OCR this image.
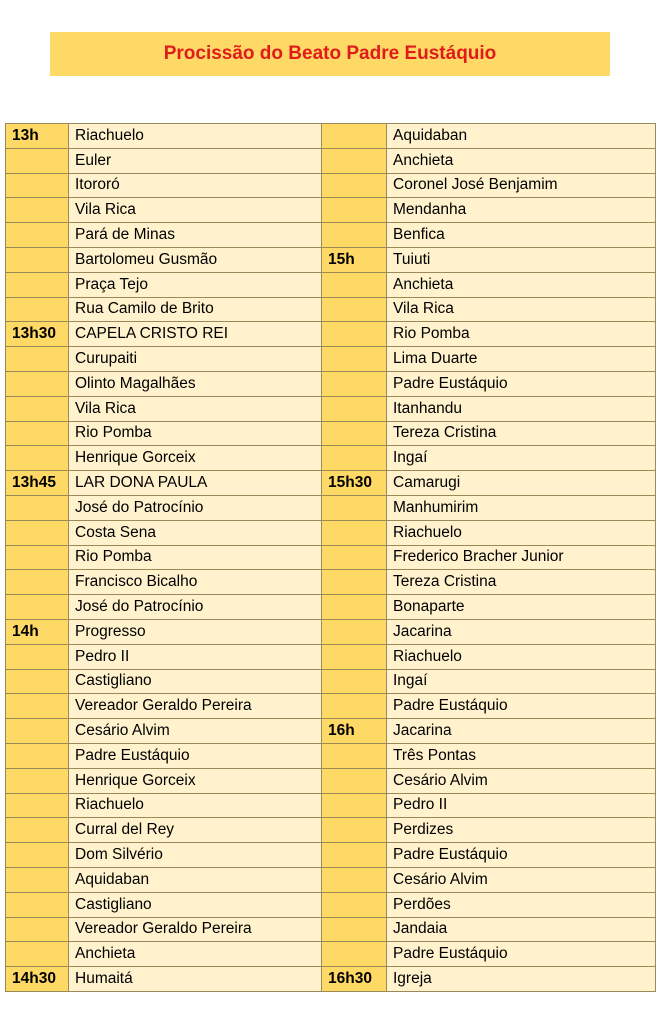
Procissão do Beato Padre Eustáquio
13h	Riachuelo		Aquidaban
	Euler		Anchieta
	Itororó		Coronel José Benjamim
	Vila Rica		Mendanha
	Pará de Minas		Benfica
	Bartolomeu Gusmão	15h	Tuiuti
	Praça Tejo		Anchieta
	Rua Camilo de Brito		Vila Rica
13h30	CAPELA CRISTO REI		Rio Pomba
	Curupaiti		Lima Duarte
	Olinto Magalhães		Padre Eustáquio
	Vila Rica		Itanhandu
	Rio Pomba		Tereza Cristina
	Henrique Gorceix		Ingaí
13h45	LAR DONA PAULA	15h30	Camarugi
	José do Patrocínio		Manhumirim
	Costa Sena		Riachuelo
	Rio Pomba		Frederico Bracher Junior
	Francisco Bicalho		Tereza Cristina
	José do Patrocínio		Bonaparte
14h	Progresso		Jacarina
	Pedro II		Riachuelo
	Castigliano		Ingaí
	Vereador Geraldo Pereira		Padre Eustáquio
	Cesário Alvim	16h	Jacarina
	Padre Eustáquio		Três Pontas
	Henrique Gorceix		Cesário Alvim
	Riachuelo		Pedro II
	Curral del Rey		Perdizes
	Dom Silvério		Padre Eustáquio
	Aquidaban		Cesário Alvim
	Castigliano		Perdões
	Vereador Geraldo Pereira		Jandaia
	Anchieta		Padre Eustáquio
14h30	Humaitá	16h30	Igreja
